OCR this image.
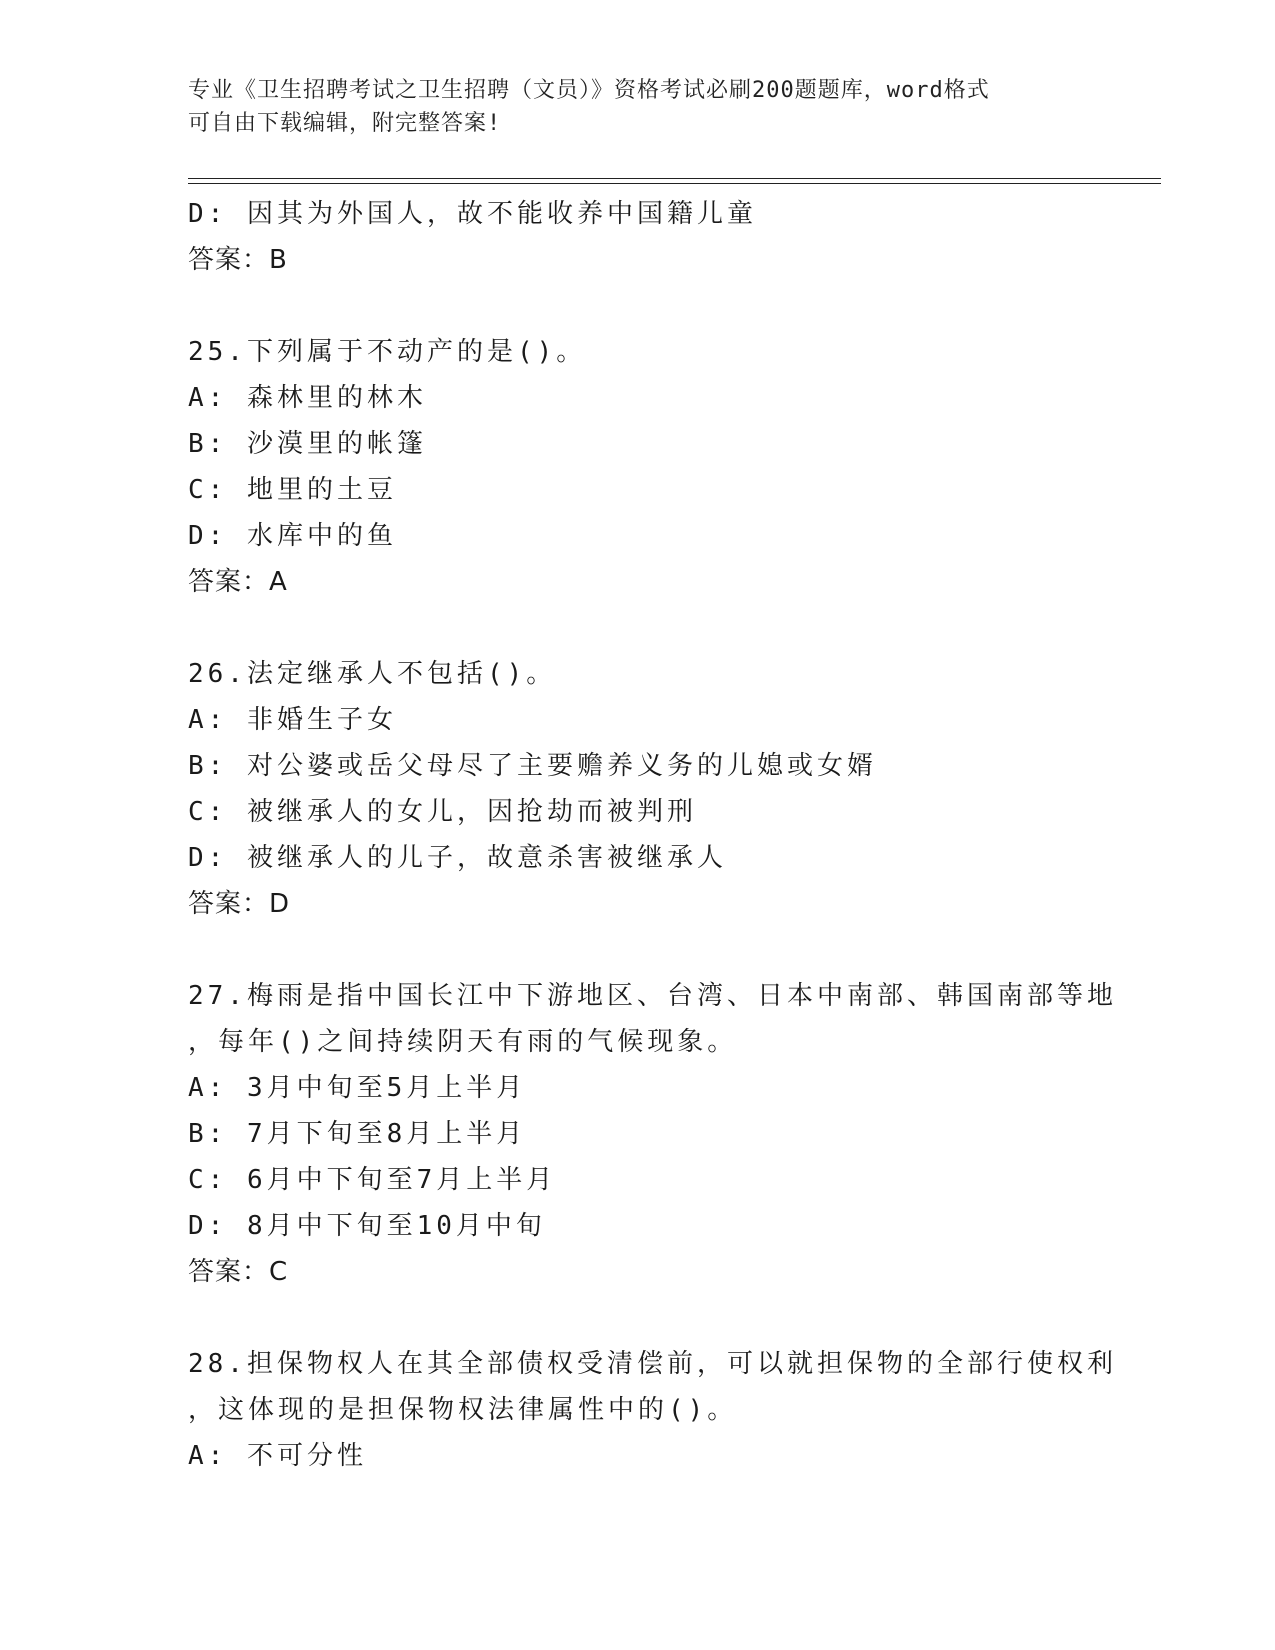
专业《卫生招聘考试之卫生招聘（文员）》资格考试必刷200题题库，word格式
可自由下载编辑，附完整答案!
D: 因其为外国人，故不能收养中国籍儿童
答案：B
25.下列属于不动产的是()。
A: 森林里的林木
B: 沙漠里的帐篷
C: 地里的土豆
D: 水库中的鱼
答案：A
26.法定继承人不包括()。
A: 非婚生子女
B: 对公婆或岳父母尽了主要赡养义务的儿媳或女婿
C: 被继承人的女儿，因抢劫而被判刑
D: 被继承人的儿子，故意杀害被继承人
答案：D
27.梅雨是指中国长江中下游地区、台湾、日本中南部、韩国南部等地
，每年()之间持续阴天有雨的气候现象。
A: 3月中旬至5月上半月
B: 7月下旬至8月上半月
C: 6月中下旬至7月上半月
D: 8月中下旬至10月中旬
答案：C
28.担保物权人在其全部债权受清偿前，可以就担保物的全部行使权利
，这体现的是担保物权法律属性中的()。
A: 不可分性
